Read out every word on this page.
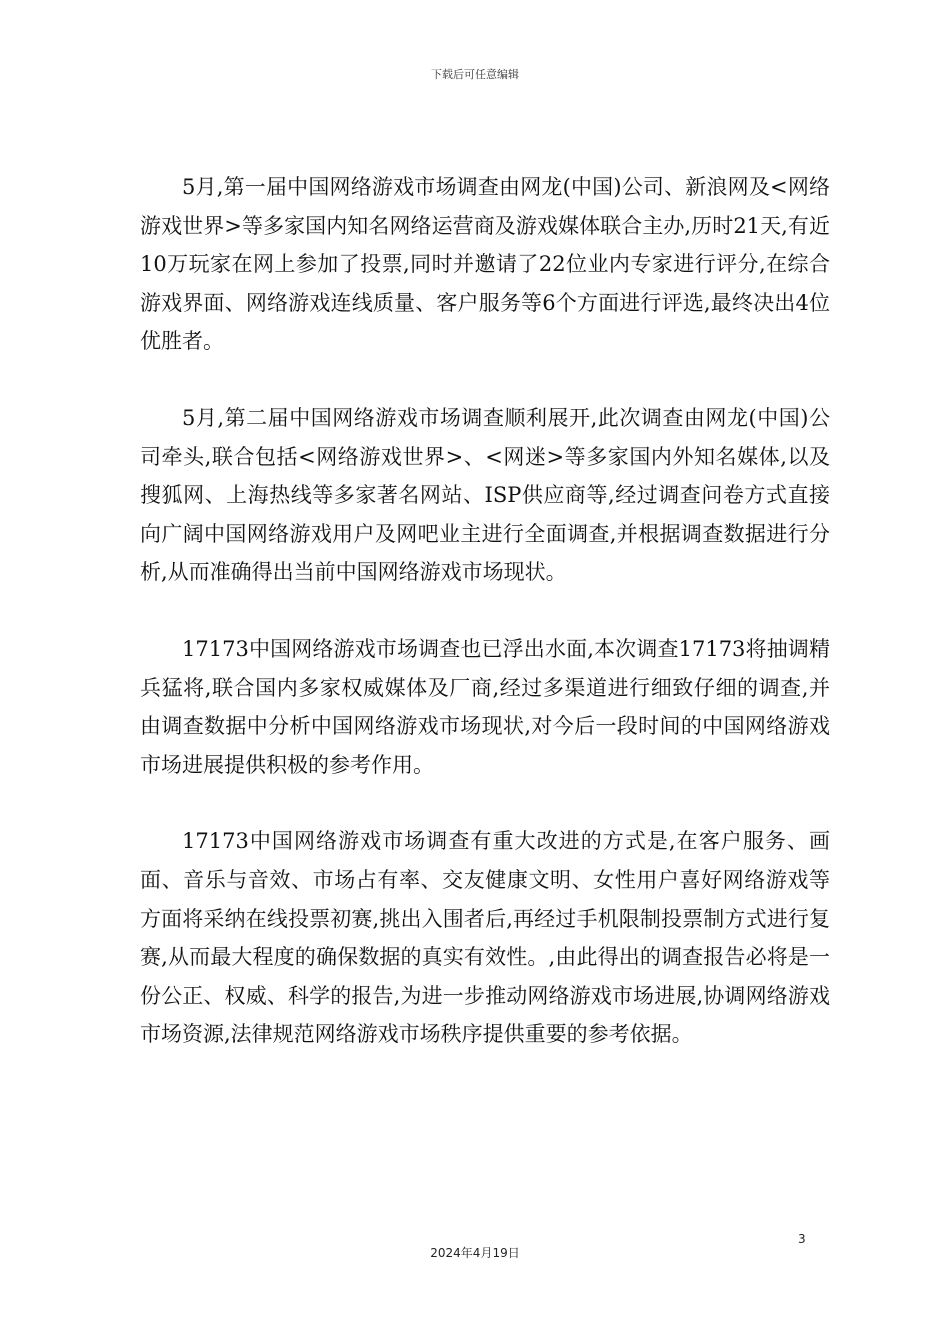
下载后可任意编辑

5月,第一届中国网络游戏市场调查由网龙(中国)公司、新浪网及<网络游戏世界>等多家国内知名网络运营商及游戏媒体联合主办,历时21天,有近10万玩家在网上参加了投票,同时并邀请了22位业内专家进行评分,在综合游戏界面、网络游戏连线质量、客户服务等6个方面进行评选,最终决出4位优胜者。

5月,第二届中国网络游戏市场调查顺利展开,此次调查由网龙(中国)公司牵头,联合包括<网络游戏世界>、<网迷>等多家国内外知名媒体,以及搜狐网、上海热线等多家著名网站、ISP供应商等,经过调查问卷方式直接向广阔中国网络游戏用户及网吧业主进行全面调查,并根据调查数据进行分析,从而准确得出当前中国网络游戏市场现状。

17173中国网络游戏市场调查也已浮出水面,本次调查17173将抽调精兵猛将,联合国内多家权威媒体及厂商,经过多渠道进行细致仔细的调查,并由调查数据中分析中国网络游戏市场现状,对今后一段时间的中国网络游戏市场进展提供积极的参考作用。

17173中国网络游戏市场调查有重大改进的方式是,在客户服务、画面、音乐与音效、市场占有率、交友健康文明、女性用户喜好网络游戏等方面将采纳在线投票初赛,挑出入围者后,再经过手机限制投票制方式进行复赛,从而最大程度的确保数据的真实有效性。,由此得出的调查报告必将是一份公正、权威、科学的报告,为进一步推动网络游戏市场进展,协调网络游戏市场资源,法律规范网络游戏市场秩序提供重要的参考依据。

3
2024年4月19日
